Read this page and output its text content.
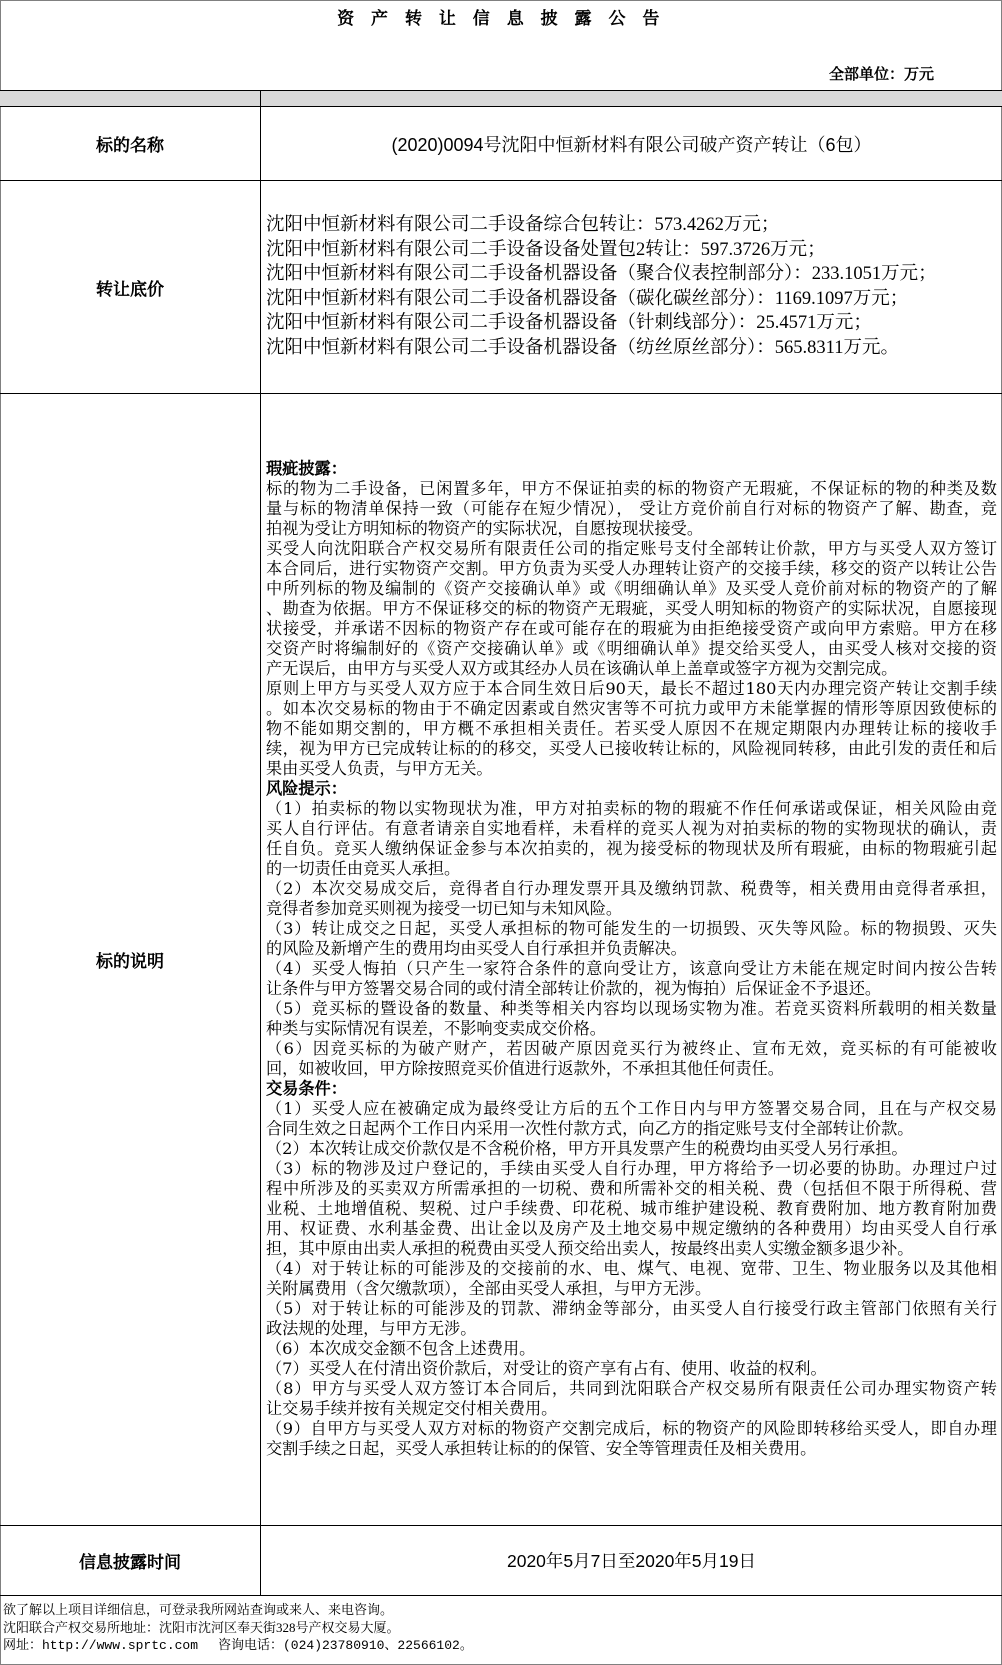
资 产 转 让 信 息 披 露 公 告
全部单位：万元
标的名称	(2020)0094号沈阳中恒新材料有限公司破产资产转让（6包）
转让底价
沈阳中恒新材料有限公司二手设备综合包转让：573.4262万元；
沈阳中恒新材料有限公司二手设备设备处置包2转让：597.3726万元；
沈阳中恒新材料有限公司二手设备机器设备（聚合仪表控制部分）：233.1051万元；
沈阳中恒新材料有限公司二手设备机器设备（碳化碳丝部分）：1169.1097万元；
沈阳中恒新材料有限公司二手设备机器设备（针刺线部分）：25.4571万元；
沈阳中恒新材料有限公司二手设备机器设备（纺丝原丝部分）：565.8311万元。
标的说明
瑕疵披露：
标的物为二手设备，已闲置多年，甲方不保证拍卖的标的物资产无瑕疵，不保证标的物的种类及数
量与标的物清单保持一致（可能存在短少情况）， 受让方竞价前自行对标的物资产了解、勘查，竞
拍视为受让方明知标的物资产的实际状况，自愿按现状接受。
买受人向沈阳联合产权交易所有限责任公司的指定账号支付全部转让价款，甲方与买受人双方签订
本合同后，进行实物资产交割。甲方负责为买受人办理转让资产的交接手续，移交的资产以转让公告
中所列标的物及编制的《资产交接确认单》或《明细确认单》及买受人竞价前对标的物资产的了解
、勘查为依据。甲方不保证移交的标的物资产无瑕疵，买受人明知标的物资产的实际状况，自愿接现
状接受，并承诺不因标的物资产存在或可能存在的瑕疵为由拒绝接受资产或向甲方索赔。甲方在移
交资产时将编制好的《资产交接确认单》或《明细确认单》提交给买受人，由买受人核对交接的资
产无误后，由甲方与买受人双方或其经办人员在该确认单上盖章或签字方视为交割完成。
原则上甲方与买受人双方应于本合同生效日后90天，最长不超过180天内办理完资产转让交割手续
。如本次交易标的物由于不确定因素或自然灾害等不可抗力或甲方未能掌握的情形等原因致使标的
物不能如期交割的，甲方概不承担相关责任。若买受人原因不在规定期限内办理转让标的接收手
续，视为甲方已完成转让标的的移交，买受人已接收转让标的，风险视同转移，由此引发的责任和后
果由买受人负责，与甲方无关。
风险提示：
（1）拍卖标的物以实物现状为准，甲方对拍卖标的物的瑕疵不作任何承诺或保证，相关风险由竞
买人自行评估。有意者请亲自实地看样，未看样的竞买人视为对拍卖标的物的实物现状的确认，责
任自负。竞买人缴纳保证金参与本次拍卖的，视为接受标的物现状及所有瑕疵，由标的物瑕疵引起
的一切责任由竞买人承担。
（2）本次交易成交后，竞得者自行办理发票开具及缴纳罚款、税费等，相关费用由竞得者承担，
竞得者参加竞买则视为接受一切已知与未知风险。
（3）转让成交之日起，买受人承担标的物可能发生的一切损毁、灭失等风险。标的物损毁、灭失
的风险及新增产生的费用均由买受人自行承担并负责解决。
（4）买受人悔拍（只产生一家符合条件的意向受让方，该意向受让方未能在规定时间内按公告转
让条件与甲方签署交易合同的或付清全部转让价款的，视为悔拍）后保证金不予退还。
（5）竞买标的暨设备的数量、种类等相关内容均以现场实物为准。若竞买资料所载明的相关数量
种类与实际情况有误差，不影响变卖成交价格。
（6）因竞买标的为破产财产，若因破产原因竞买行为被终止、宣布无效，竞买标的有可能被收
回，如被收回，甲方除按照竞买价值进行返款外，不承担其他任何责任。
交易条件：
（1）买受人应在被确定成为最终受让方后的五个工作日内与甲方签署交易合同，且在与产权交易
合同生效之日起两个工作日内采用一次性付款方式，向乙方的指定账号支付全部转让价款。
（2）本次转让成交价款仅是不含税价格，甲方开具发票产生的税费均由买受人另行承担。
（3）标的物涉及过户登记的，手续由买受人自行办理，甲方将给予一切必要的协助。办理过户过
程中所涉及的买卖双方所需承担的一切税、费和所需补交的相关税、费（包括但不限于所得税、营
业税、土地增值税、契税、过户手续费、印花税、城市维护建设税、教育费附加、地方教育附加费
用、权证费、水利基金费、出让金以及房产及土地交易中规定缴纳的各种费用）均由买受人自行承
担，其中原由出卖人承担的税费由买受人预交给出卖人，按最终出卖人实缴金额多退少补。
（4）对于转让标的可能涉及的交接前的水、电、煤气、电视、宽带、卫生、物业服务以及其他相
关附属费用（含欠缴款项），全部由买受人承担，与甲方无涉。
（5）对于转让标的可能涉及的罚款、滞纳金等部分，由买受人自行接受行政主管部门依照有关行
政法规的处理，与甲方无涉。
（6）本次成交金额不包含上述费用。
（7）买受人在付清出资价款后，对受让的资产享有占有、使用、收益的权利。
（8）甲方与买受人双方签订本合同后，共同到沈阳联合产权交易所有限责任公司办理实物资产转
让交易手续并按有关规定交付相关费用。
（9）自甲方与买受人双方对标的物资产交割完成后，标的物资产的风险即转移给买受人，即自办理
交割手续之日起，买受人承担转让标的的保管、安全等管理责任及相关费用。
信息披露时间	2020年5月7日至2020年5月19日
欲了解以上项目详细信息，可登录我所网站查询或来人、来电咨询。
沈阳联合产权交易所地址：沈阳市沈河区奉天街328号产权交易大厦。
网址：http://www.sprtc.com 咨询电话：(024)23780910、22566102。
